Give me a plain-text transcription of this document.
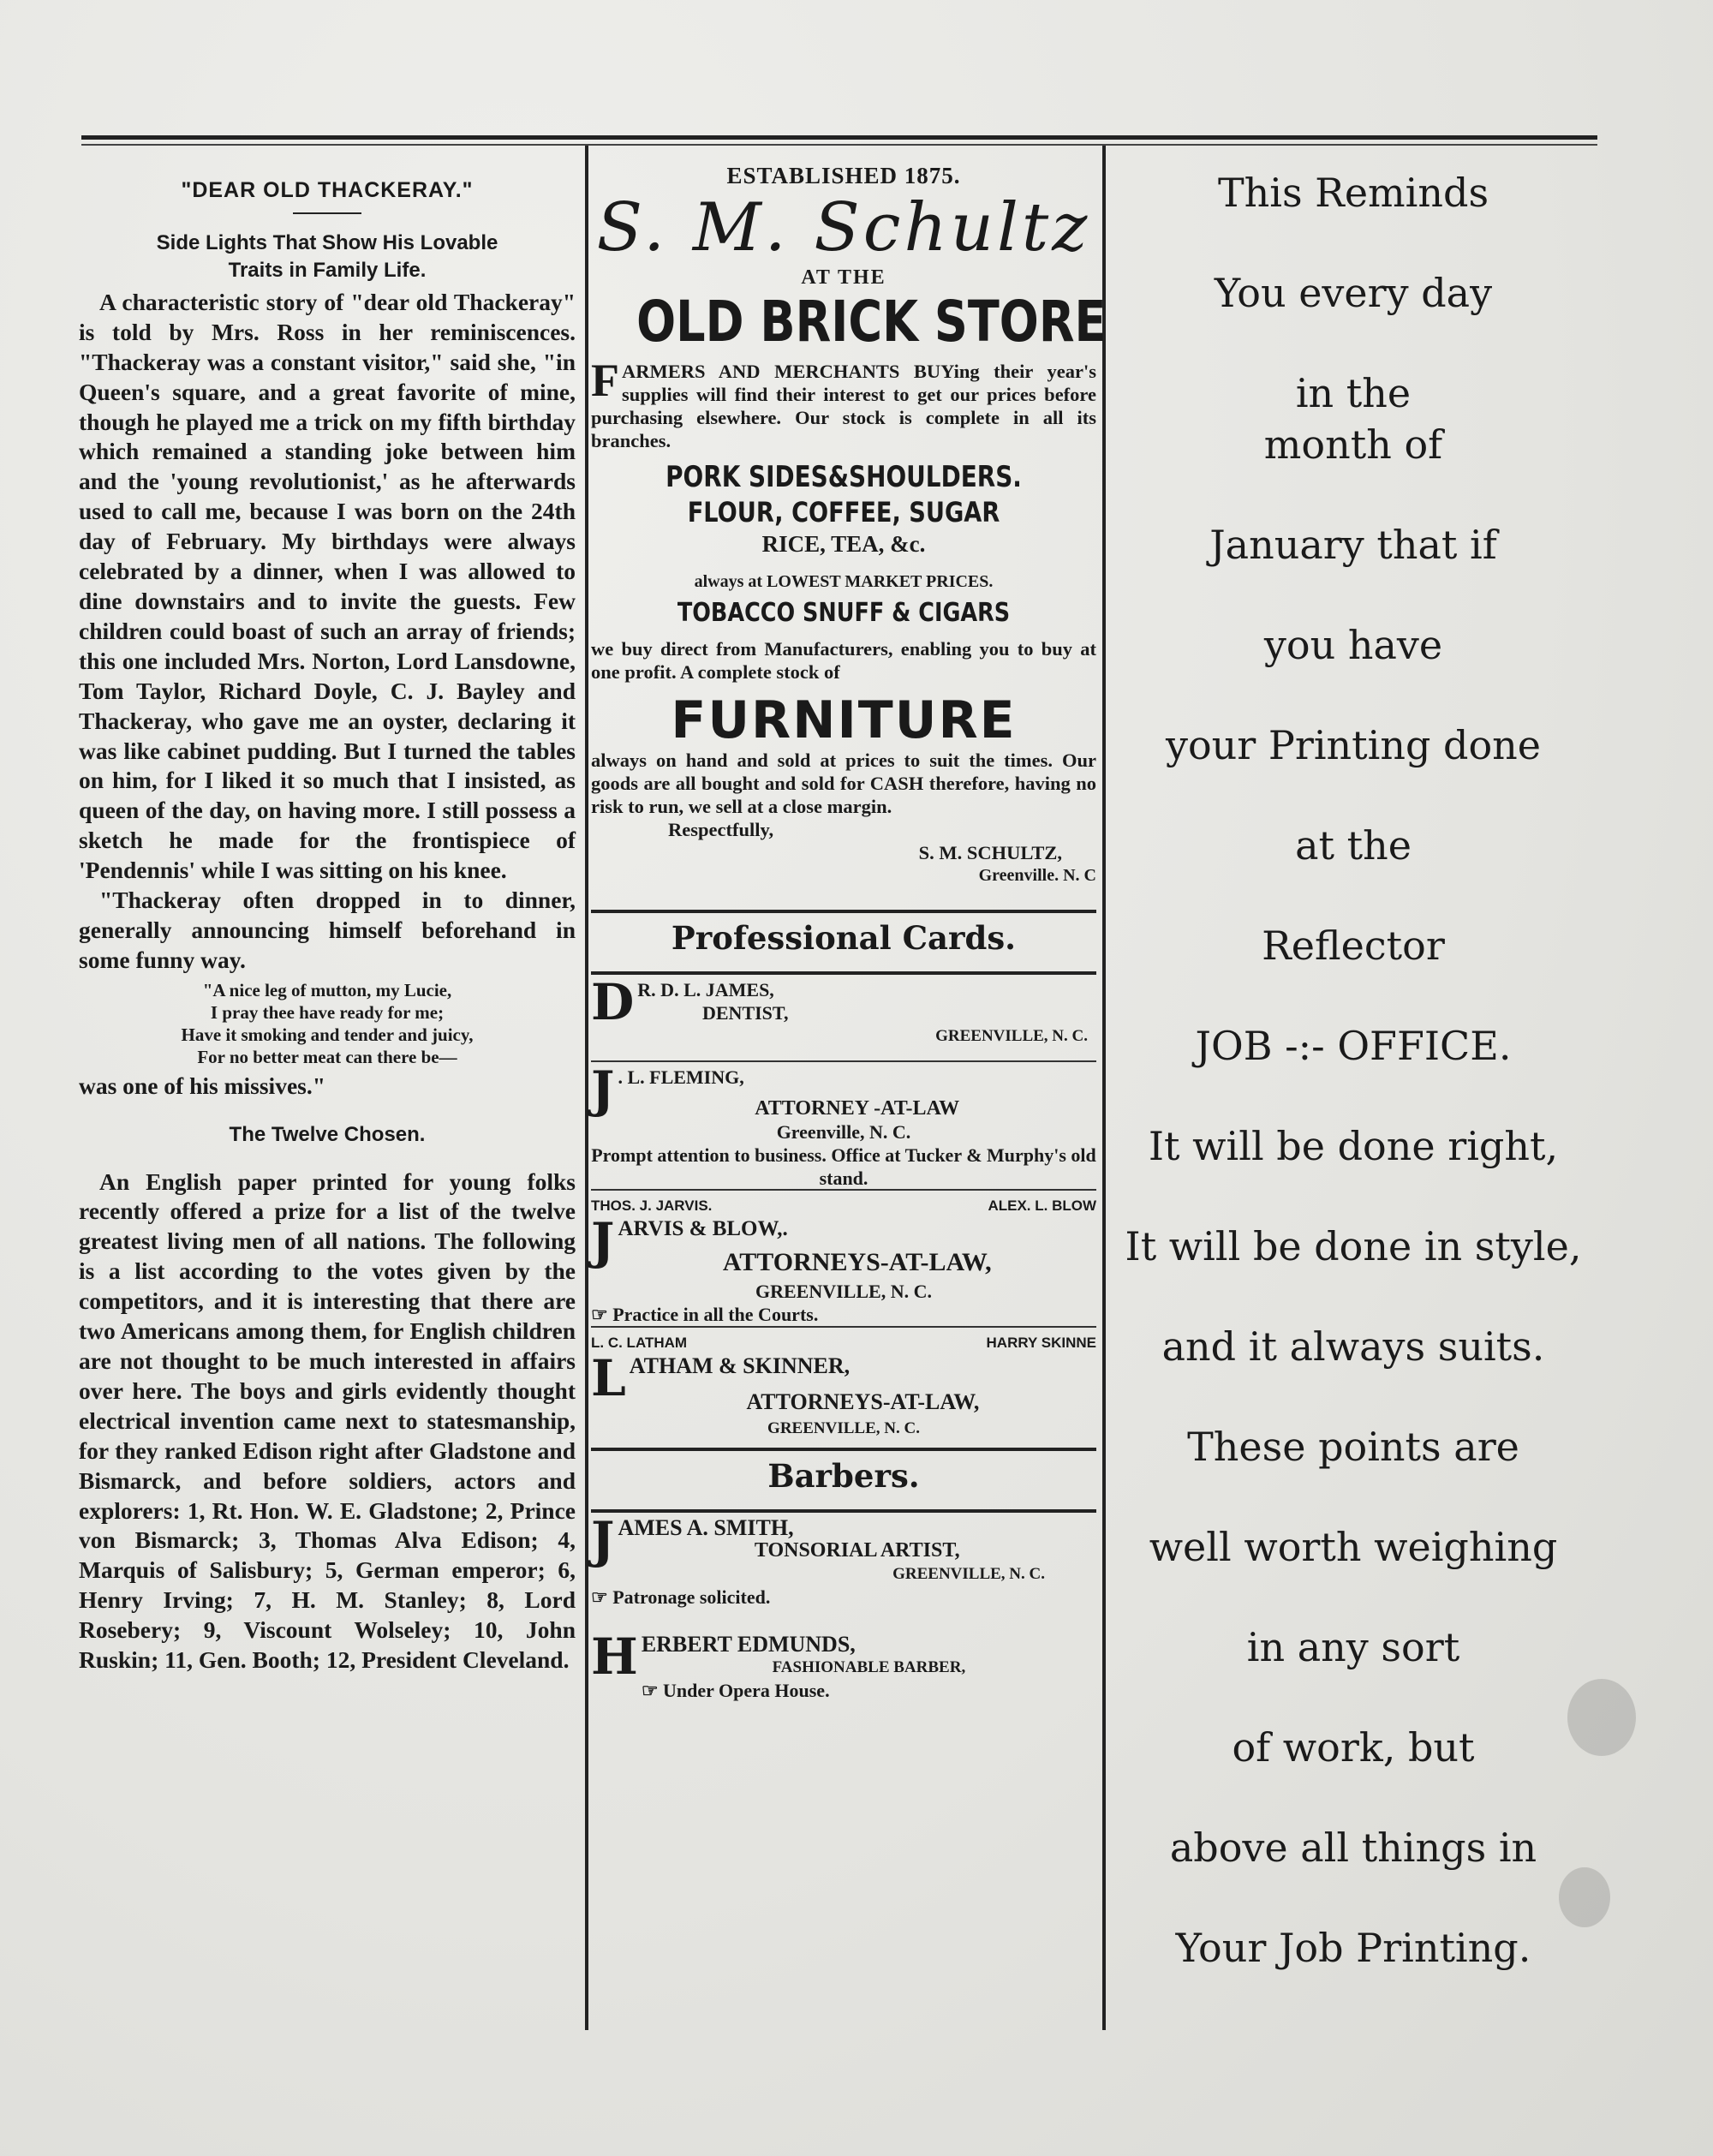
"DEAR OLD THACKERAY."
Side Lights That Show His Lovable
Traits in Family Life.

A characteristic story of "dear old Thackeray" is told by Mrs. Ross in her reminiscences. "Thackeray was a constant visitor," said she, "in Queen's square, and a great favorite of mine, though he played me a trick on my fifth birthday which remained a standing joke between him and the 'young revolutionist,' as he afterwards used to call me, because I was born on the 24th day of February. My birthdays were always celebrated by a dinner, when I was allowed to dine downstairs and to invite the guests. Few children could boast of such an array of friends; this one included Mrs. Norton, Lord Lansdowne, Tom Taylor, Richard Doyle, C. J. Bayley and Thackeray, who gave me an oyster, declaring it was like cabinet pudding. But I turned the tables on him, for I liked it so much that I insisted, as queen of the day, on having more. I still possess a sketch he made for the frontispiece of 'Pendennis' while I was sitting on his knee.

"Thackeray often dropped in to dinner, generally announcing himself beforehand in some funny way.

"A nice leg of mutton, my Lucie,
I pray thee have ready for me;
Have it smoking and tender and juicy,
For no better meat can there be—

was one of his missives."

The Twelve Chosen.

An English paper printed for young folks recently offered a prize for a list of the twelve greatest living men of all nations. The following is a list according to the votes given by the competitors, and it is interesting that there are two Americans among them, for English children are not thought to be much interested in affairs over here. The boys and girls evidently thought electrical invention came next to statesmanship, for they ranked Edison right after Gladstone and Bismarck, and before soldiers, actors and explorers: 1, Rt. Hon. W. E. Gladstone; 2, Prince von Bismarck; 3, Thomas Alva Edison; 4, Marquis of Salisbury; 5, German emperor; 6, Henry Irving; 7, H. M. Stanley; 8, Lord Rosebery; 9, Viscount Wolseley; 10, John Ruskin; 11, Gen. Booth; 12, President Cleveland.

ESTABLISHED 1875.
S. M. Schultz
AT THE
OLD BRICK STORE
F ARMERS AND MERCHANTS BUYing their year's supplies will find their interest to get our prices before purchasing elsewhere. Our stock is complete in all its branches.
PORK SIDES&SHOULDERS.
FLOUR, COFFEE, SUGAR
RICE, TEA, &c.
always at LOWEST MARKET PRICES.
TOBACCO SNUFF & CIGARS
we buy direct from Manufacturers, enabling you to buy at one profit. A complete stock of
FURNITURE
always on hand and sold at prices to suit the times. Our goods are all bought and sold for CASH therefore, having no risk to run, we sell at a close margin.
Respectfully,
S. M. SCHULTZ,
Greenville. N. C
Professional Cards.
D R. D. L. JAMES,
DENTIST,
GREENVILLE, N. C.
J . L. FLEMING,
ATTORNEY -AT-LAW
Greenville, N. C.
Prompt attention to business. Office at Tucker & Murphy's old stand.
THOS. J. JARVIS.	ALEX. L. BLOW
J ARVIS & BLOW,.
ATTORNEYS-AT-LAW,
GREENVILLE, N. C.
☞ Practice in all the Courts.
L. C. LATHAM	HARRY SKINNE
L ATHAM & SKINNER,
ATTORNEYS-AT-LAW,
GREENVILLE, N. C.
Barbers.
J AMES A. SMITH,
TONSORIAL ARTIST,
GREENVILLE, N. C.
☞ Patronage solicited.
H ERBERT EDMUNDS,
FASHIONABLE BARBER,
☞ Under Opera House.
This Reminds
You every day
in the
month of
January that if
you have
your Printing done
at the
Reflector
JOB -:- OFFICE.
It will be done right,
It will be done in style,
and it always suits.
These points are
well worth weighing
in any sort
of work, but
above all things in
Your Job Printing.
